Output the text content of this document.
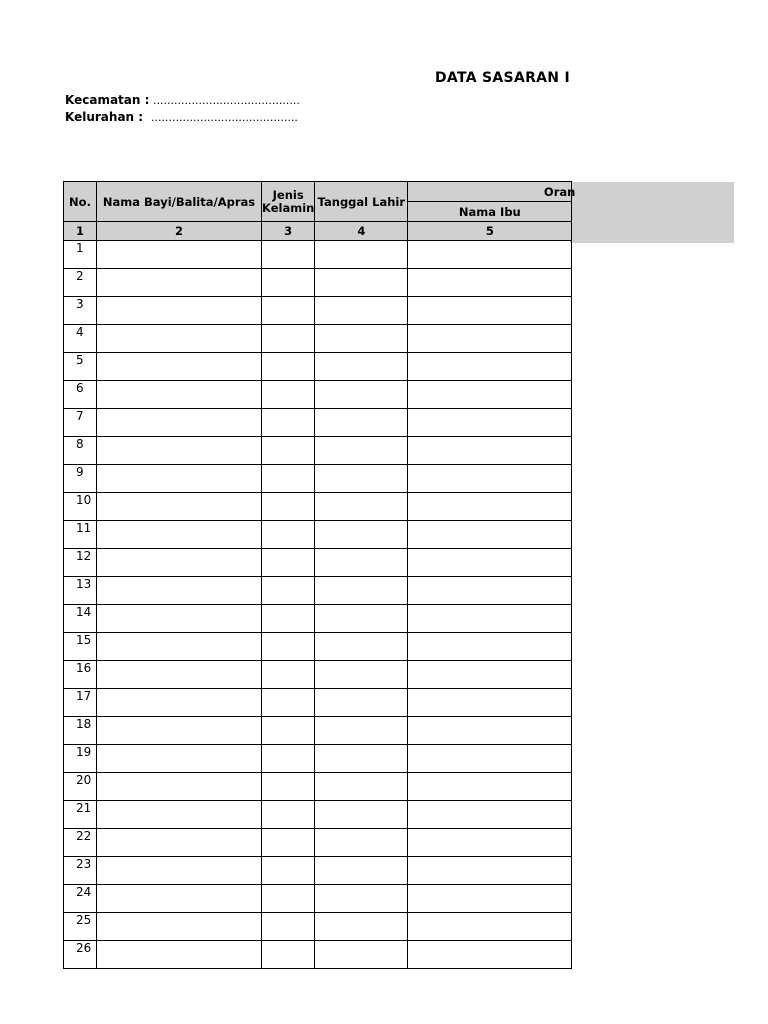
DATA SASARAN I
Kecamatan : ..........................................
Kelurahan : ..........................................
No.	Nama Bayi/Balita/Apras	Jenis Kelamin	Tanggal Lahir	Oran
				Nama Ibu
1	2	3	4	5
1				
2				
3				
4				
5				
6				
7				
8				
9				
10				
11				
12				
13				
14				
15				
16				
17				
18				
19				
20				
21				
22				
23				
24				
25				
26				
